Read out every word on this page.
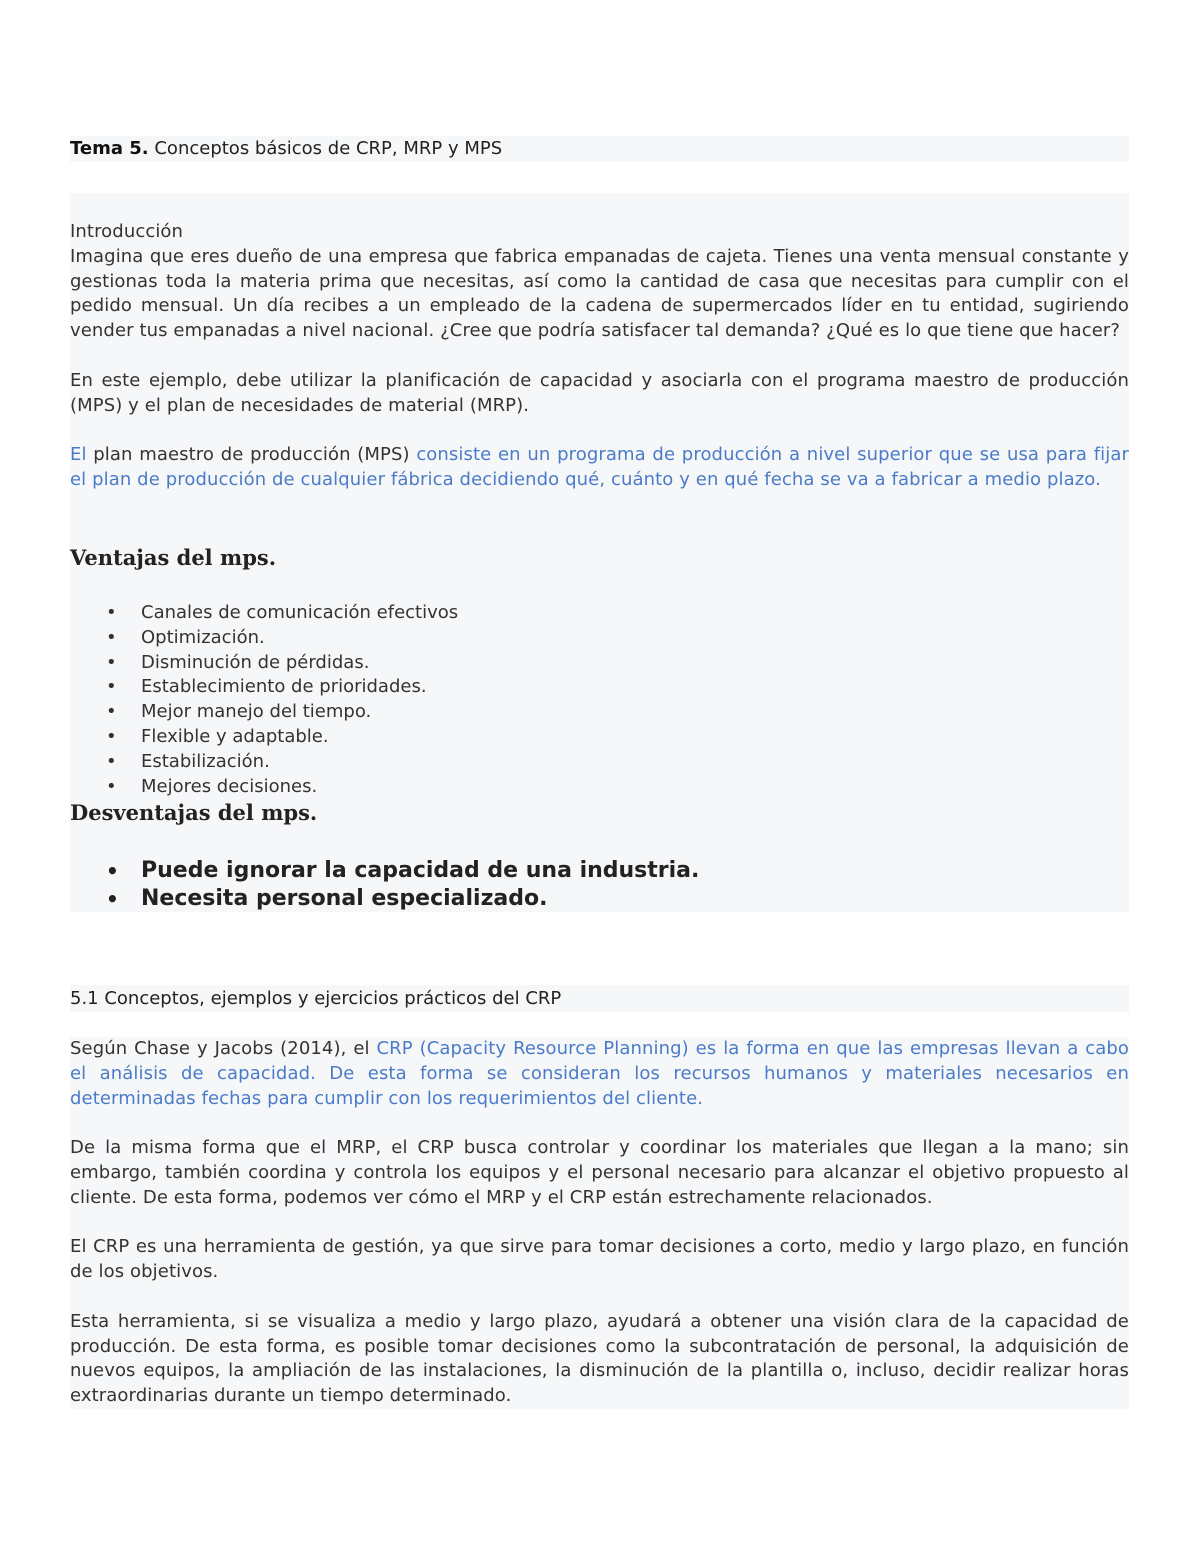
Tema 5. Conceptos básicos de CRP, MRP y MPS

Introducción

Imagina que eres dueño de una empresa que fabrica empanadas de cajeta. Tienes una venta mensual constante y gestionas toda la materia prima que necesitas, así como la cantidad de casa que necesitas para cumplir con el pedido mensual. Un día recibes a un empleado de la cadena de supermercados líder en tu entidad, sugiriendo vender tus empanadas a nivel nacional. ¿Cree que podría satisfacer tal demanda? ¿Qué es lo que tiene que hacer?

En este ejemplo, debe utilizar la planificación de capacidad y asociarla con el programa maestro de producción (MPS) y el plan de necesidades de material (MRP).

El plan maestro de producción (MPS) consiste en un programa de producción a nivel superior que se usa para fijar el plan de producción de cualquier fábrica decidiendo qué, cuánto y en qué fecha se va a fabricar a medio plazo.

Ventajas del mps.
• Canales de comunicación efectivos
• Optimización.
• Disminución de pérdidas.
• Establecimiento de prioridades.
• Mejor manejo del tiempo.
• Flexible y adaptable.
• Estabilización.
• Mejores decisiones.
Desventajas del mps.
• Puede ignorar la capacidad de una industria.
• Necesita personal especializado.
5.1 Conceptos, ejemplos y ejercicios prácticos del CRP

Según Chase y Jacobs (2014), el CRP (Capacity Resource Planning) es la forma en que las empresas llevan a cabo el análisis de capacidad. De esta forma se consideran los recursos humanos y materiales necesarios en determinadas fechas para cumplir con los requerimientos del cliente.

De la misma forma que el MRP, el CRP busca controlar y coordinar los materiales que llegan a la mano; sin embargo, también coordina y controla los equipos y el personal necesario para alcanzar el objetivo propuesto al cliente. De esta forma, podemos ver cómo el MRP y el CRP están estrechamente relacionados.

El CRP es una herramienta de gestión, ya que sirve para tomar decisiones a corto, medio y largo plazo, en función de los objetivos.

Esta herramienta, si se visualiza a medio y largo plazo, ayudará a obtener una visión clara de la capacidad de producción. De esta forma, es posible tomar decisiones como la subcontratación de personal, la adquisición de nuevos equipos, la ampliación de las instalaciones, la disminución de la plantilla o, incluso, decidir realizar horas extraordinarias durante un tiempo determinado.
